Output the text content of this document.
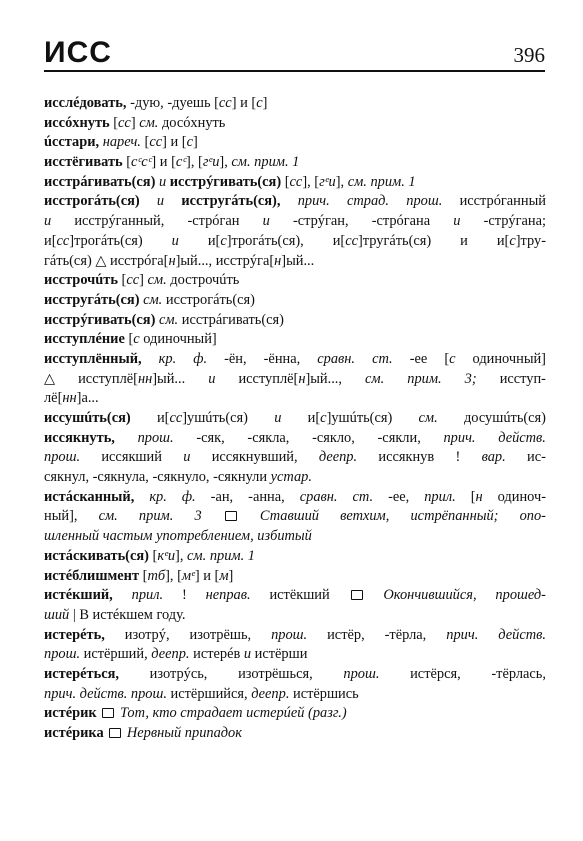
ИСС	396
исслéдовать, -дую, -дуешь [сс] и [с]
иссóхнуть [сс] см. досóхнуть
úсстари, нареч. [сс] и [с]
исстёгивать [сᶜсᶜ] и [сᶜ], [гᵉи], см. прим. 1
исстрáгивать(ся) и исстрýгивать(ся) [сс], [гᵉи], см. прим. 1
исстрогáть(ся) и исстругáть(ся), прич. страд. прош. исстрóганный
и исстрýганный, -стрóган и -стрýган, -стрóгана и -стрýгана;
и[сс]трогáть(ся) и и[с]трогáть(ся), и[сс]тругáть(ся) и и[с]тру-
гáть(ся) △ исстрóга[н]ый..., исстрýга[н]ый...
исстрочúть [сс] см. дострочúть
исстругáть(ся) см. исстрогáть(ся)
исстрýгивать(ся) см. исстрáгивать(ся)
исступлéние [с одиночный]
исступлённый, кр. ф. -ён, -ённа, сравн. ст. -ее [с одиночный]
△ исступлё[нн]ый... и исступлё[н]ый..., см. прим. 3; исступ-
лё[нн]а...
иссушúть(ся) и[сс]ушúть(ся) и и[с]ушúть(ся) см. досушúть(ся)
иссякнуть, прош. -сяк, -сякла, -сякло, -сякли, прич. действ.
прош. иссякший и иссякнувший, деепр. иссякнув ! вар. ис-
сякнул, -сякнула, -сякнуло, -сякнули устар.
истáсканный, кр. ф. -ан, -анна, сравн. ст. -ее, прил. [н одиноч-
ный], см. прим. 3	Ставший ветхим, истрёпанный; опо-
шленный частым употреблением, избитый
истáскивать(ся) [кᵉи], см. прим. 1
истéблишмент [тб], [мᵉ] и [м]
истéкший, прил. ! неправ. истёкший	Окончившийся, прошед-
ший | В истéкшем году.
истерéть, изотрý, изотрёшь, прош. истёр, -тёрла, прич. действ.
прош. истёрший, деепр. истерéв и истёрши
истерéться, изотрýсь, изотрёшься, прош. истёрся, -тёрлась,
прич. действ. прош. истёршийся, деепр. истёршись
истéрик  Тот, кто страдает истерúей (разг.)
истéрика  Нервный припадок
